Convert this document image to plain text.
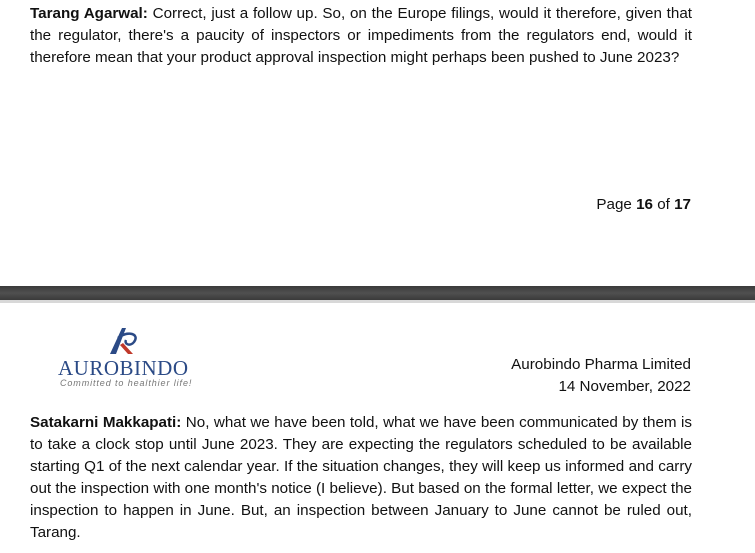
Tarang Agarwal: Correct, just a follow up. So, on the Europe filings, would it therefore, given that the regulator, there's a paucity of inspectors or impediments from the regulators end, would it therefore mean that your product approval inspection might perhaps been pushed to June 2023?
Page 16 of 17
AUROBINDO
Committed to healthier life!
Aurobindo Pharma Limited
14 November, 2022
Satakarni Makkapati: No, what we have been told, what we have been communicated by them is to take a clock stop until June 2023. They are expecting the regulators scheduled to be available starting Q1 of the next calendar year. If the situation changes, they will keep us informed and carry out the inspection with one month's notice (I believe). But based on the formal letter, we expect the inspection to happen in June. But, an inspection between January to June cannot be ruled out, Tarang.
